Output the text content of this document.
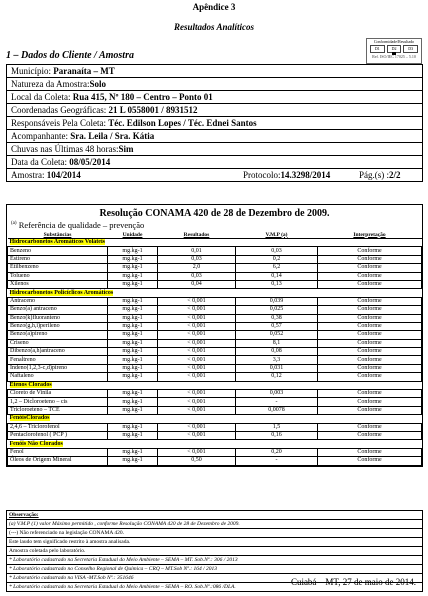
Apêndice 3
Resultados Analíticos
1 – Dados do Cliente / Amostra
Conformidade/Resultado
D1	D2	D3
Ref. ISO/IEC 17025 – 5.10
Município: Paranaíta – MT
Natureza da Amostra:Solo
Local da Coleta: Rua 415, Nº 180 – Centro – Ponto 01
Coordenadas Geográficas: 21 L 0558001 / 8931512
Responsáveis Pela Coleta: Téc. Edilson Lopes / Téc. Ednei Santos
Acompanhante: Sra. Leila / Sra. Kátia
Chuvas nas Últimas 48 horas:Sim
Data da Coleta: 08/05/2014
Amostra: 104/2014	Protocolo:14.3298/2014	Pág.(s) :2/2
Resolução CONAMA 420 de 28 de Dezembro de 2009.
$^{(a)}$ Referência de qualidade – prevenção
Substâncias	Unidade	Resultados	V.M.P (a)	Interpretação
Hidrocarbonetos Aromáticos Voláteis				
Benzeno	mg.kg-1	0,01	0,03	Conforme
Estireno	mg.kg-1	0,03	0,2	Conforme
Etilbenzeno	mg.kg-1	2,0	6,2	Conforme
Tolueno	mg.kg-1	0,03	0,14	Conforme
Xilenos	mg.kg-1	0,04	0,13	Conforme
Hidrocarbonetos Policíclicos Aromáticos				
Antraceno	mg.kg-1	< 0,001	0,039	Conforme
Benzo(a) antraceno	mg.kg-1	< 0,001	0,025	Conforme
Benzo(k)fluoranteno	mg.kg-1	< 0,001	0,38	Conforme
Benzo(g,h,i)perileno	mg.kg-1	< 0,001	0,57	Conforme
Benzo(a)pireno	mg.kg-1	< 0,001	0,052	Conforme
Criseno	mg.kg-1	< 0,001	8,1	Conforme
Dibenzo(a,h)antraceno	mg.kg-1	< 0,001	0,08	Conforme
Fenaltreno	mg.kg-1	< 0,001	3,3	Conforme
Indeno(1,2,3-c,d)pireno	mg.kg-1	< 0,001	0,031	Conforme
Naftaleno	mg.kg-1	< 0,001	0,12	Conforme
Etenos Clorados				
Cloreto de Vinila	mg.kg-1	< 0,001	0,003	Conforme
1,2 – Dicloroeteno – cis	mg.kg-1	< 0,001	-	Conforme
Tricloroeteno – TCE	mg.kg-1	< 0,001	0,0078	Conforme
FenóisClorados				
2,4,6 – Triclorofenol	mg.kg-1	< 0,001	1,5	Conforme
Pentaclorofenol ( PCP )	mg.kg-1	< 0,001	0,16	Conforme
Fenóis Não Clorados				
Fenol	mg.kg-1	< 0,001	0,20	Conforme
Óleos de Origem Mineral	mg.kg-1	0,50	-	Conforme
Observação:
(a) V.M.P (1) valor Máximo permitido , conforme Resolução CONAMA 420 de 28 de Dezembro de 2009.
(---) Não referenciado na legislação CONAMA 420.
Este laudo tem significado restrito à amostra analisada.
Amostra coletada pelo laboratório.
* Laboratório cadastrado na Secretaria Estadual do Meio Ambiente – SEMA – MT. Sob.Nº.: 306 / 2013
* Laboratório cadastrado no Conselho Regional de Química – CRQ – MT.Sob Nº.: 164 / 2013
* Laboratório cadastrado na VISA -MT.Sob Nº.: 351646
* Laboratório cadastrado na Secretaria Estadual do Meio Ambiente – SEMA – RO. Sob.Nº.:086 /DLA.	Cuiabá – MT, 27 de maio de 2014.
